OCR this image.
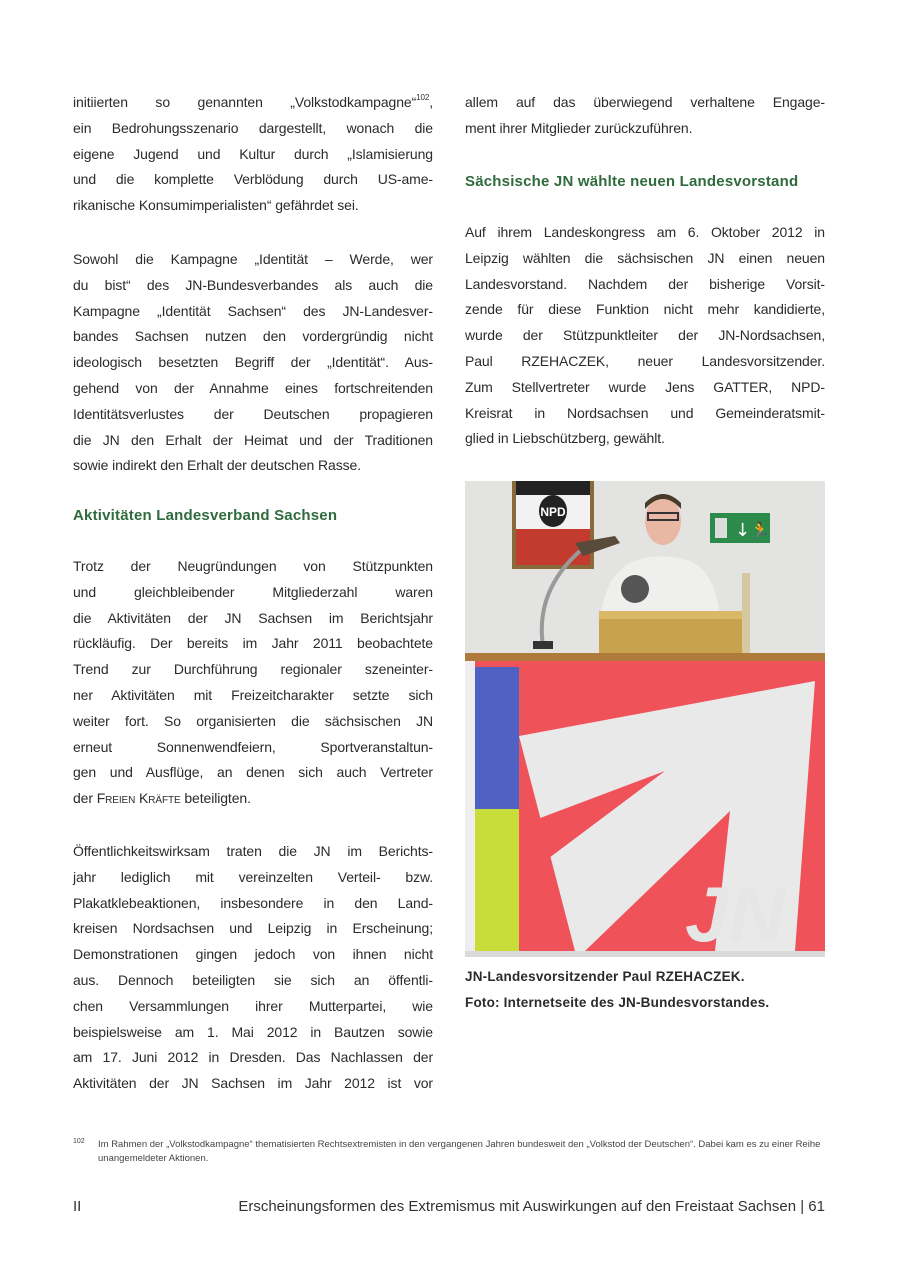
initiierten so genannten „Volkstodkampagne“$^{102}$,
ein Bedrohungsszenario dargestellt, wonach die
eigene Jugend und Kultur durch „Islamisierung
und die komplette Verblödung durch US-ame-
rikanische Konsumimperialisten“ gefährdet sei.
Sowohl die Kampagne „Identität – Werde, wer
du bist“ des JN-Bundesverbandes als auch die
Kampagne „Identität Sachsen“ des JN-Landesver-
bandes Sachsen nutzen den vordergründig nicht
ideologisch besetzten Begriff der „Identität“. Aus-
gehend von der Annahme eines fortschreitenden
Identitätsverlustes der Deutschen propagieren
die JN den Erhalt der Heimat und der Traditionen
sowie indirekt den Erhalt der deutschen Rasse.
Aktivitäten Landesverband Sachsen
Trotz der Neugründungen von Stützpunkten
und gleichbleibender Mitgliederzahl waren
die Aktivitäten der JN Sachsen im Berichtsjahr
rückläufig. Der bereits im Jahr 2011 beobachtete
Trend zur Durchführung regionaler szeneinter-
ner Aktivitäten mit Freizeitcharakter setzte sich
weiter fort. So organisierten die sächsischen JN
erneut Sonnenwendfeiern, Sportveranstaltun-
gen und Ausflüge, an denen sich auch Vertreter
der Freien Kräfte beteiligten.
Öffentlichkeitswirksam traten die JN im Berichts-
jahr lediglich mit vereinzelten Verteil- bzw.
Plakatklebeaktionen, insbesondere in den Land-
kreisen Nordsachsen und Leipzig in Erscheinung;
Demonstrationen gingen jedoch von ihnen nicht
aus. Dennoch beteiligten sie sich an öffentli-
chen Versammlungen ihrer Mutterpartei, wie
beispielsweise am 1. Mai 2012 in Bautzen sowie
am 17. Juni 2012 in Dresden. Das Nachlassen der
Aktivitäten der JN Sachsen im Jahr 2012 ist vor
allem auf das überwiegend verhaltene Engage-
ment ihrer Mitglieder zurückzuführen.
Sächsische JN wählte neuen Landesvorstand
Auf ihrem Landeskongress am 6. Oktober 2012 in
Leipzig wählten die sächsischen JN einen neuen
Landesvorstand. Nachdem der bisherige Vorsit-
zende für diese Funktion nicht mehr kandidierte,
wurde der Stützpunktleiter der JN-Nordsachsen,
Paul RZEHACZEK, neuer Landesvorsitzender.
Zum Stellvertreter wurde Jens GATTER, NPD-
Kreisrat in Nordsachsen und Gemeinderatsmit-
glied in Liebschützberg, gewählt.
NPD
↓ 🏃
JN
JN-Landesvorsitzender Paul RZEHACZEK.
Foto: Internetseite des JN-Bundesvorstandes.
102 Im Rahmen der „Volkstodkampagne“ thematisierten Rechtsextremisten in den vergangenen Jahren bundesweit den „Volkstod der Deutschen“. Dabei kam es zu einer Reihe unangemeldeter Aktionen.
II	Erscheinungsformen des Extremismus mit Auswirkungen auf den Freistaat Sachsen | 61
